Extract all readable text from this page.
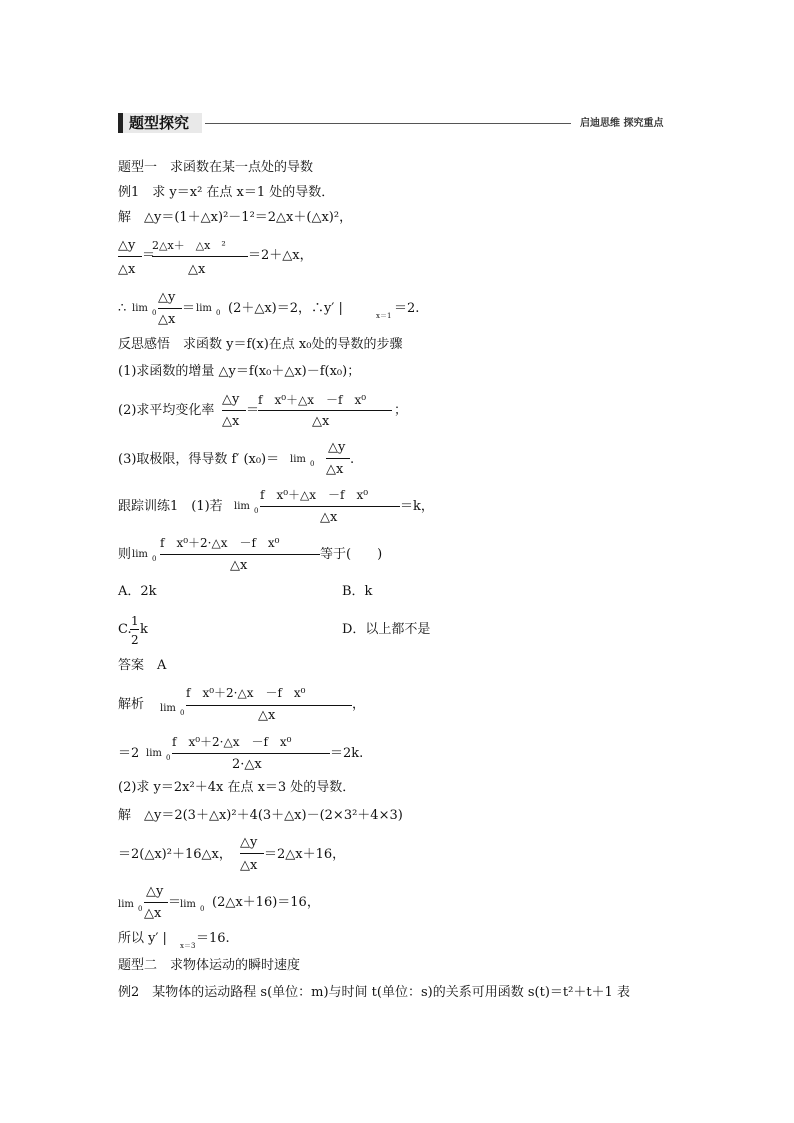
题型探究	启迪思维 探究重点
题型一　求函数在某一点处的导数
例1　求 y＝x² 在点 x＝1 处的导数．
解　△y＝(1＋△x)²－1²＝2△x＋(△x)²，
△y
△x
＝
2△x＋　△x　²
△x
＝2＋△x，
∴ lim 0
△y
△x
＝ lim 0 (2＋△x)＝2，∴y′ |	x＝1 ＝2.
反思感悟　求函数 y＝f(x)在点 x₀处的导数的步骤
(1)求函数的增量 △y＝f(x₀＋△x)－f(x₀)；
(2)求平均变化率
△y
△x
＝
f　x⁰＋△x　－f　x⁰
△x
；
(3)取极限，得导数 f′ (x₀)＝ lim 0
△y
△x
.
跟踪训练1　(1)若 lim 0
f　x⁰＋△x　－f　x⁰
△x
＝k，
则 lim 0
f　x⁰＋2·△x　－f　x⁰
△x
等于(　　)
A．2k	B．k
C.
1
2
k	D．以上都不是
答案　A
解析 lim 0
f　x⁰＋2·△x　－f　x⁰
△x
，
＝2 lim 0
f　x⁰＋2·△x　－f　x⁰
2·△x
＝2k.
(2)求 y＝2x²＋4x 在点 x＝3 处的导数．
解　△y＝2(3＋△x)²＋4(3＋△x)－(2×3²＋4×3)
＝2(△x)²＋16△x，
△y
△x
＝2△x＋16，
lim 0
△y
△x
＝
lim 0 (2△x＋16)＝16，
所以 y′ | x＝3 ＝16.
题型二　求物体运动的瞬时速度
例2　某物体的运动路程 s(单位：m)与时间 t(单位：s)的关系可用函数 s(t)＝t²＋t＋1 表
